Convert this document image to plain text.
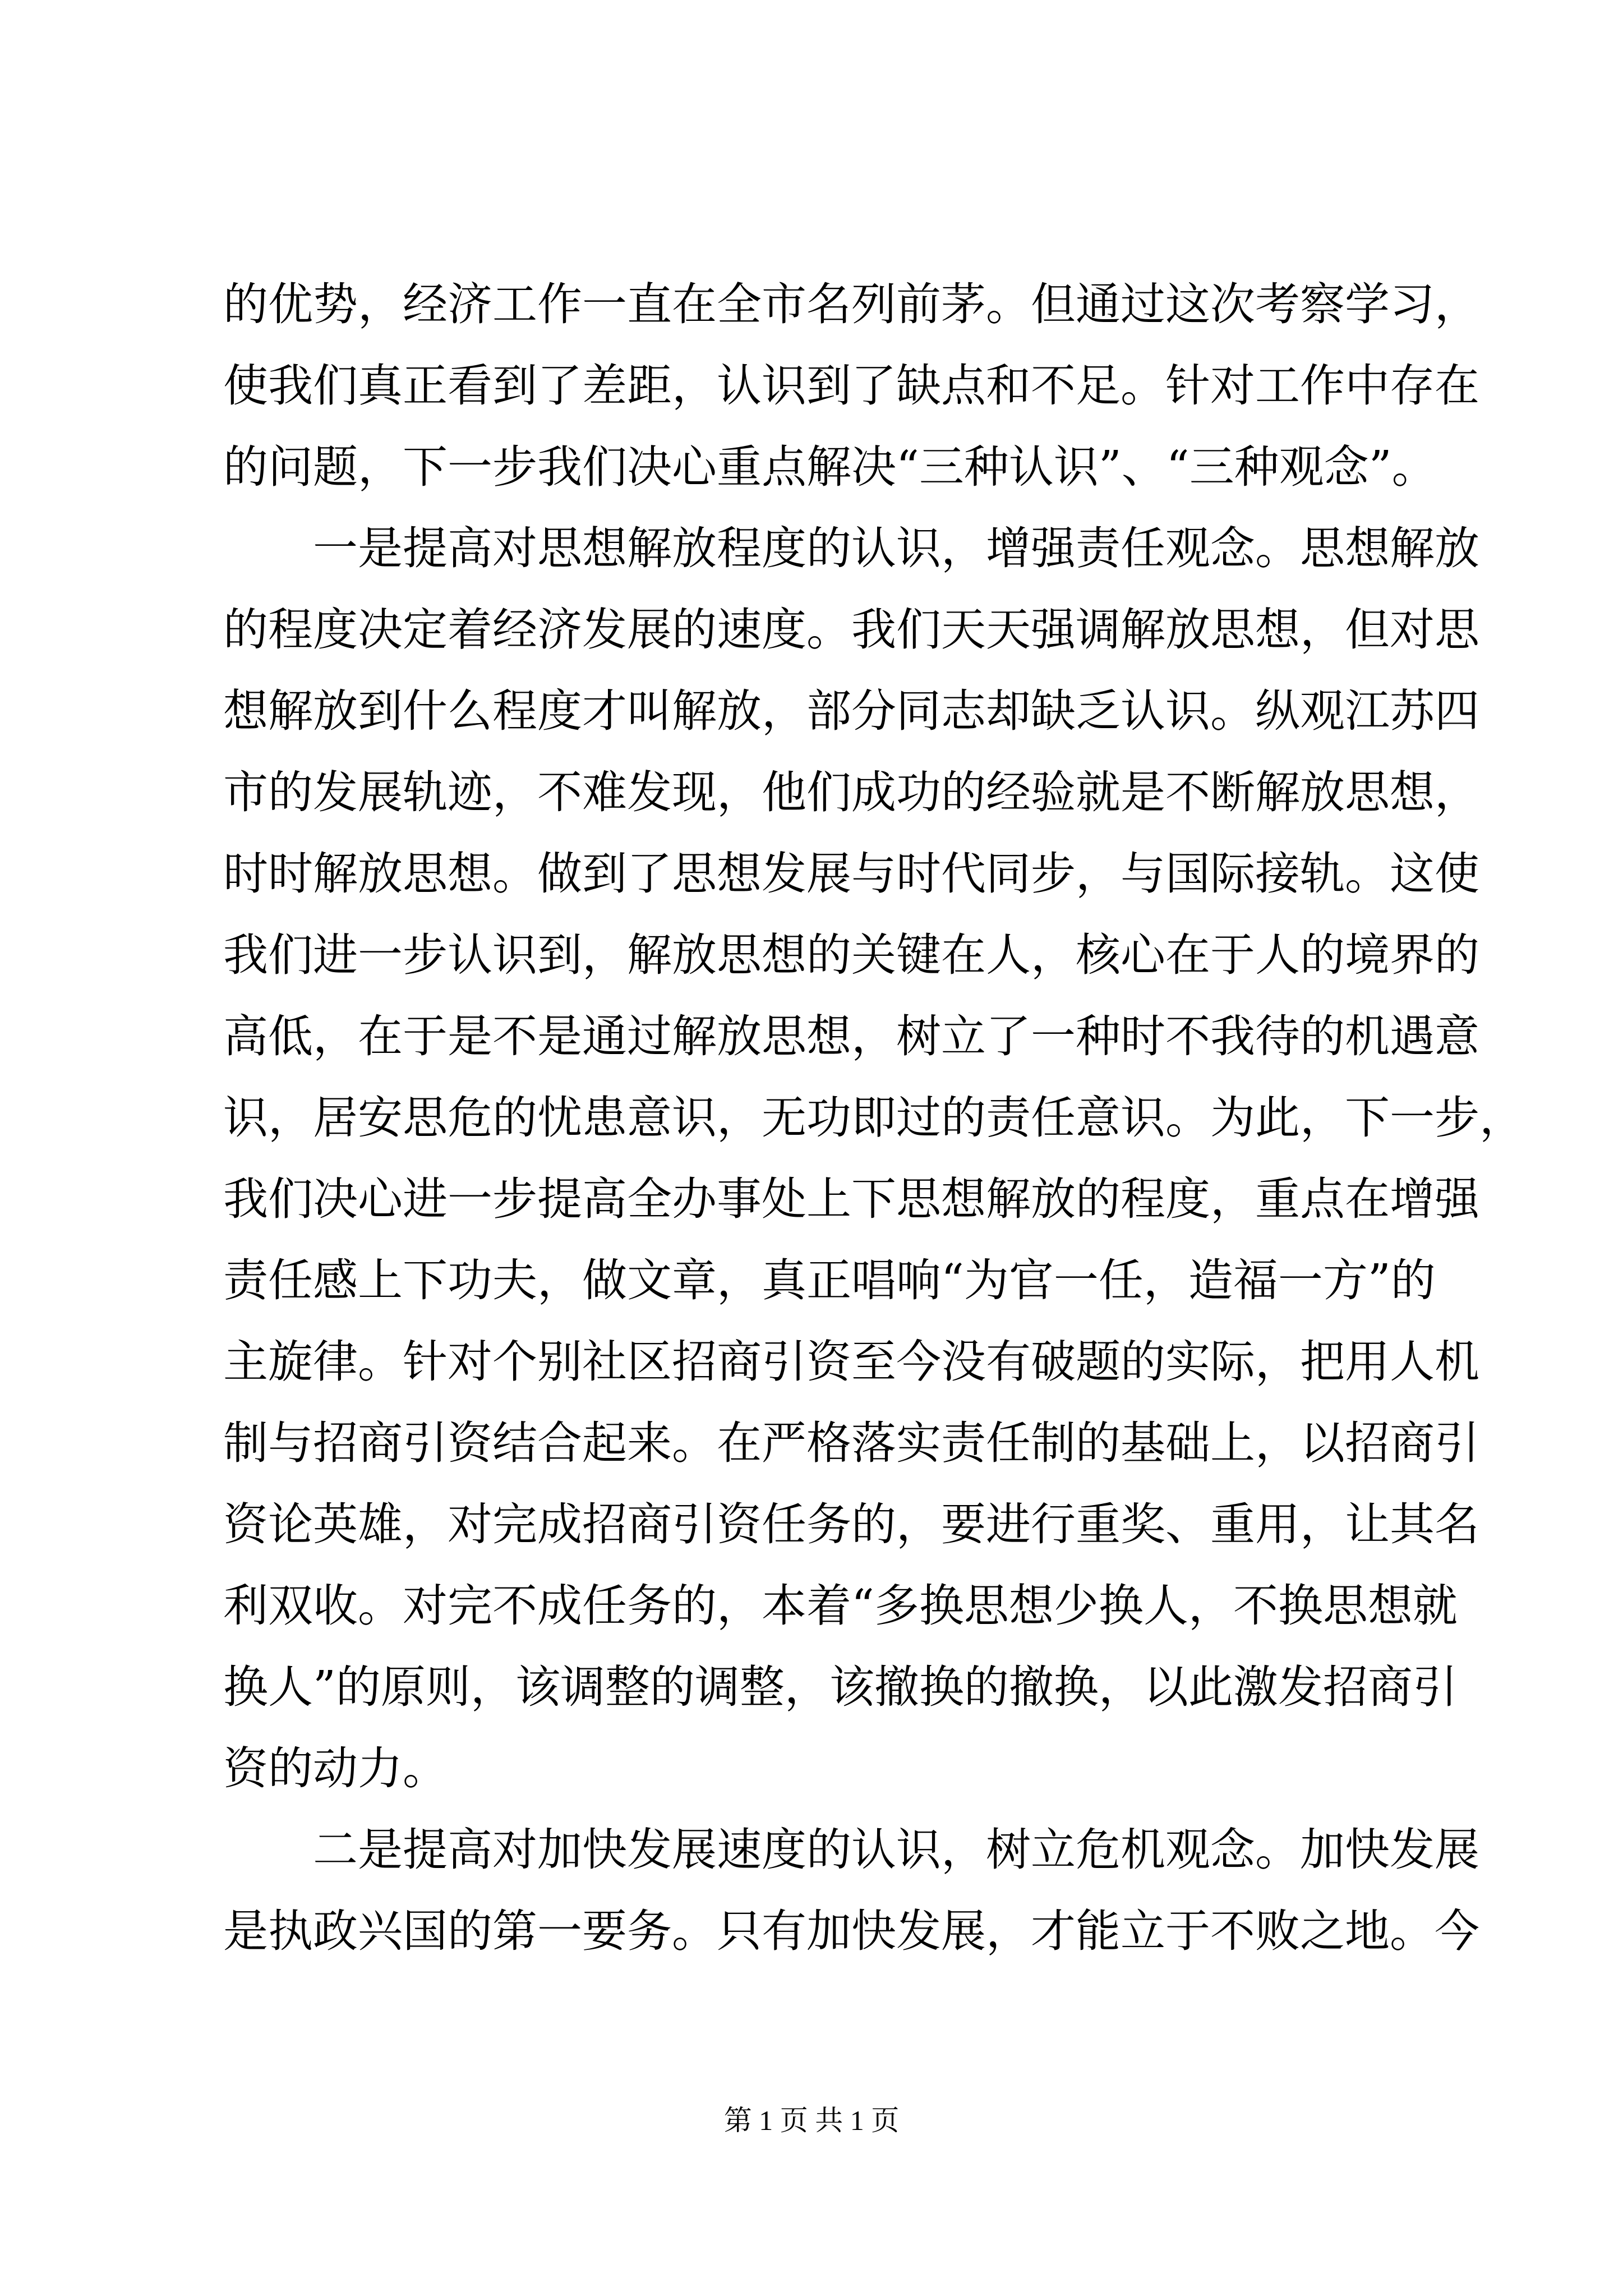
的优势，经济工作一直在全市名列前茅。但通过这次考察学习，
使我们真正看到了差距，认识到了缺点和不足。针对工作中存在
的问题，下一步我们决心重点解决“三种认识”、“三种观念”。
一是提高对思想解放程度的认识，增强责任观念。思想解放
的程度决定着经济发展的速度。我们天天强调解放思想，但对思
想解放到什么程度才叫解放，部分同志却缺乏认识。纵观江苏四
市的发展轨迹，不难发现，他们成功的经验就是不断解放思想，
时时解放思想。做到了思想发展与时代同步，与国际接轨。这使
我们进一步认识到，解放思想的关键在人，核心在于人的境界的
高低，在于是不是通过解放思想，树立了一种时不我待的机遇意
识，居安思危的忧患意识，无功即过的责任意识。为此，下一步，
我们决心进一步提高全办事处上下思想解放的程度，重点在增强
责任感上下功夫，做文章，真正唱响“为官一任，造福一方”的
主旋律。针对个别社区招商引资至今没有破题的实际，把用人机
制与招商引资结合起来。在严格落实责任制的基础上，以招商引
资论英雄，对完成招商引资任务的，要进行重奖、重用，让其名
利双收。对完不成任务的，本着“多换思想少换人，不换思想就
换人”的原则，该调整的调整，该撤换的撤换，以此激发招商引
资的动力。
二是提高对加快发展速度的认识，树立危机观念。加快发展
是执政兴国的第一要务。只有加快发展，才能立于不败之地。今
第 1 页 共 1 页
